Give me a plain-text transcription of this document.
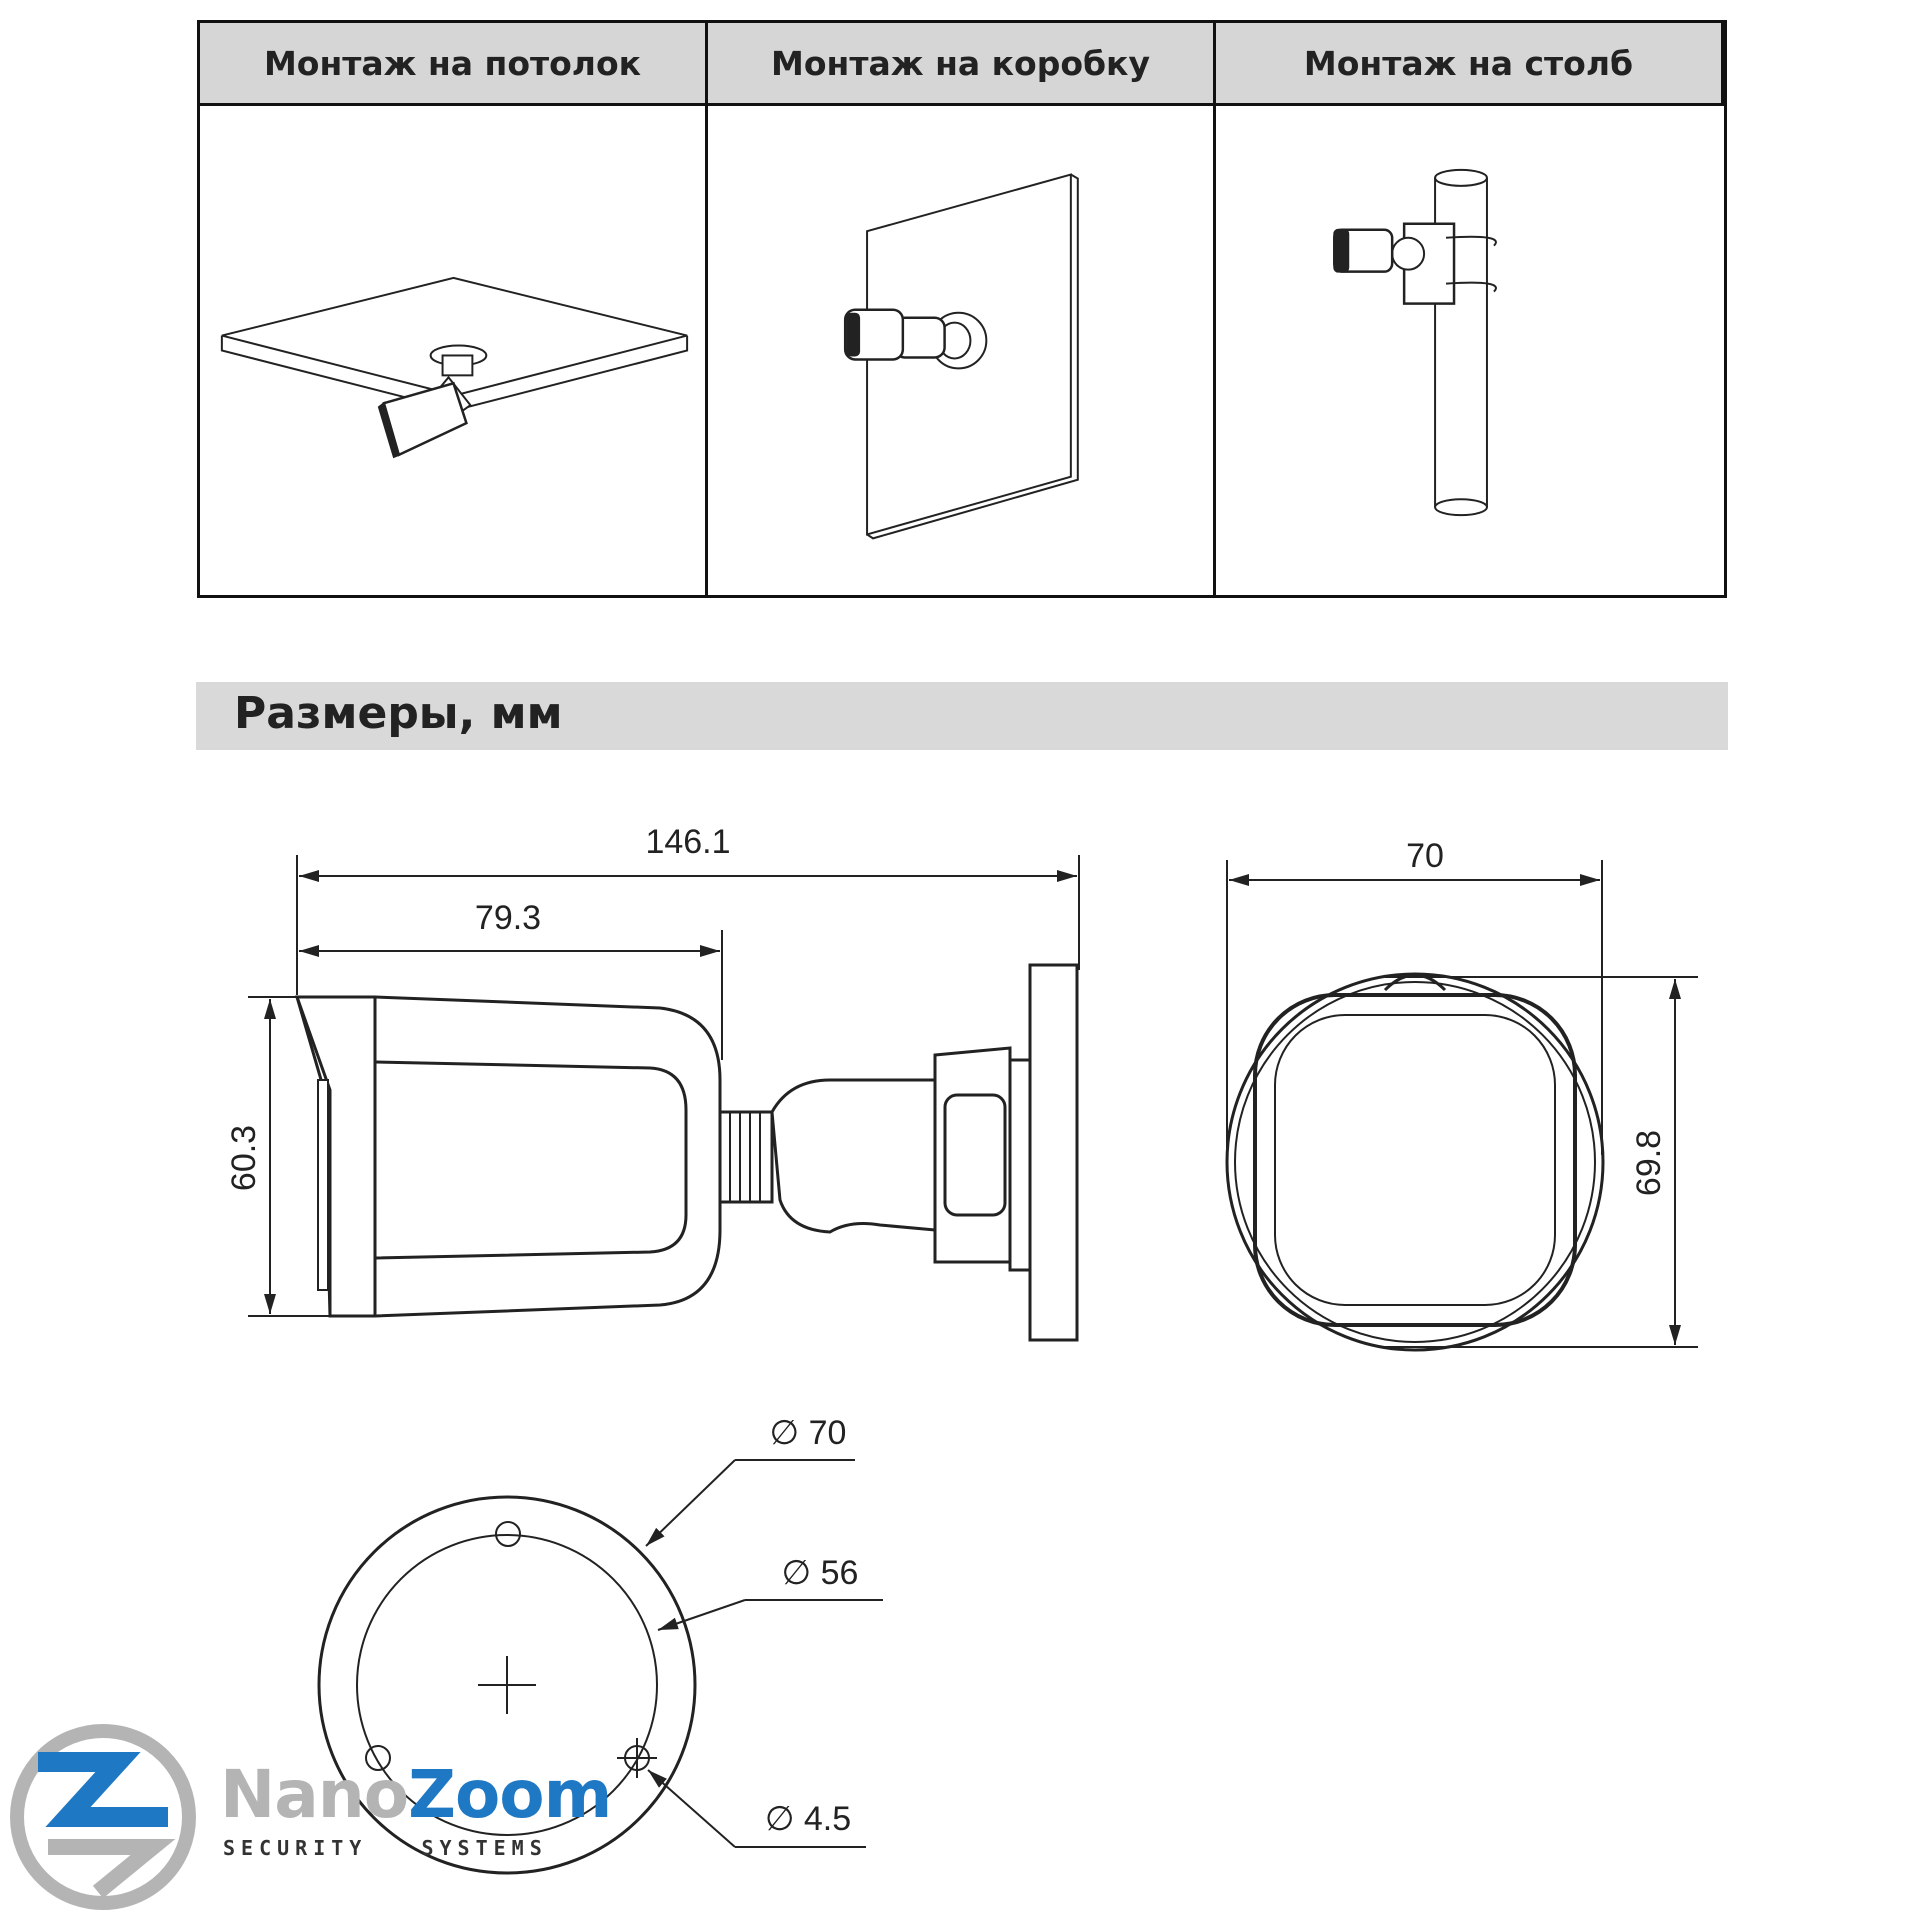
Монтаж на потолок	Монтаж на коробку	Монтаж на столб
Размеры, мм
146.1
79.3
60.3
70
69.8
∅ 70
∅ 56
∅ 4.5
NanoZoom
SECURITY   SYSTEMS
